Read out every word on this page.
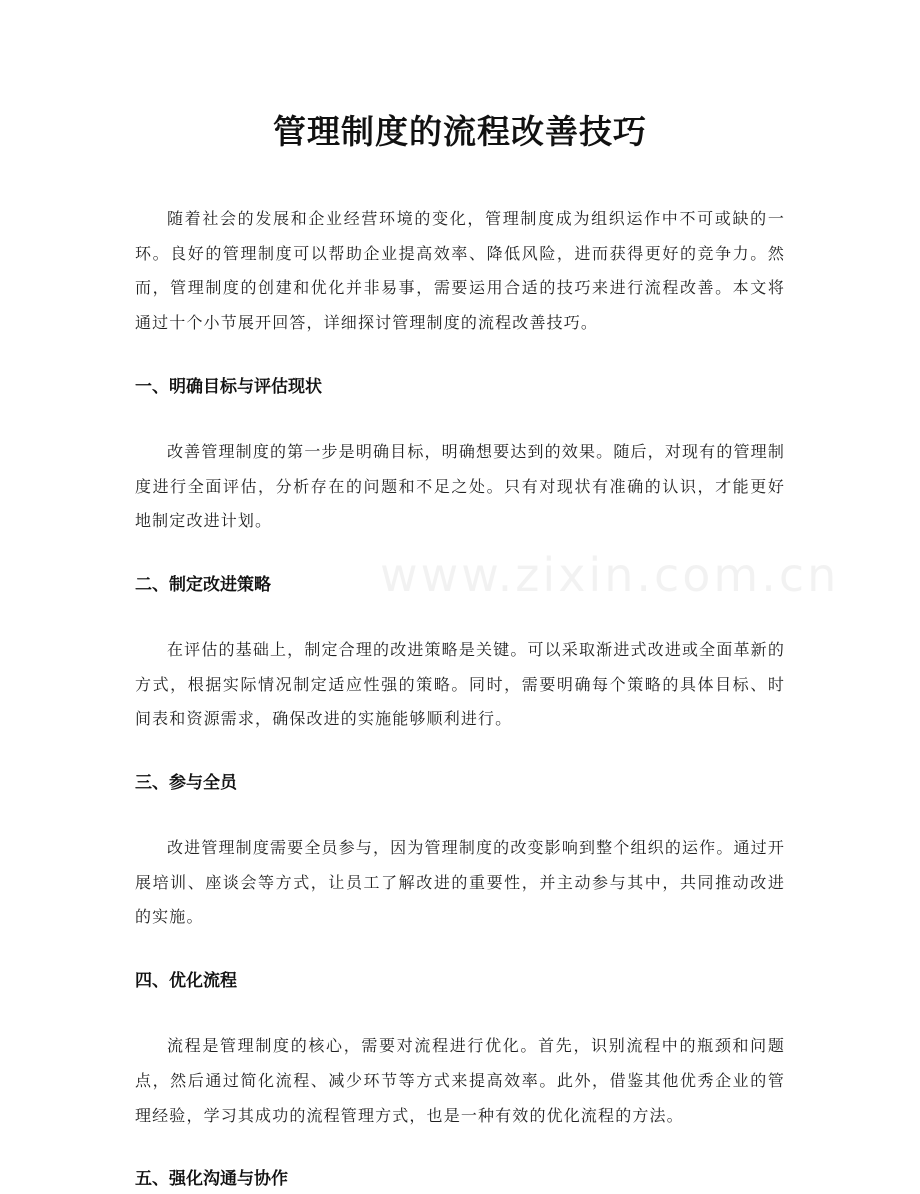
管理制度的流程改善技巧

随着社会的发展和企业经营环境的变化，管理制度成为组织运作中不可或缺的一环。良好的管理制度可以帮助企业提高效率、降低风险，进而获得更好的竞争力。然而，管理制度的创建和优化并非易事，需要运用合适的技巧来进行流程改善。本文将通过十个小节展开回答，详细探讨管理制度的流程改善技巧。

一、明确目标与评估现状

改善管理制度的第一步是明确目标，明确想要达到的效果。随后，对现有的管理制度进行全面评估，分析存在的问题和不足之处。只有对现状有准确的认识，才能更好地制定改进计划。

二、制定改进策略

在评估的基础上，制定合理的改进策略是关键。可以采取渐进式改进或全面革新的方式，根据实际情况制定适应性强的策略。同时，需要明确每个策略的具体目标、时间表和资源需求，确保改进的实施能够顺利进行。

三、参与全员

改进管理制度需要全员参与，因为管理制度的改变影响到整个组织的运作。通过开展培训、座谈会等方式，让员工了解改进的重要性，并主动参与其中，共同推动改进的实施。

四、优化流程

流程是管理制度的核心，需要对流程进行优化。首先，识别流程中的瓶颈和问题点，然后通过简化流程、减少环节等方式来提高效率。此外，借鉴其他优秀企业的管理经验，学习其成功的流程管理方式，也是一种有效的优化流程的方法。

五、强化沟通与协作
www.zixin.com.cn
